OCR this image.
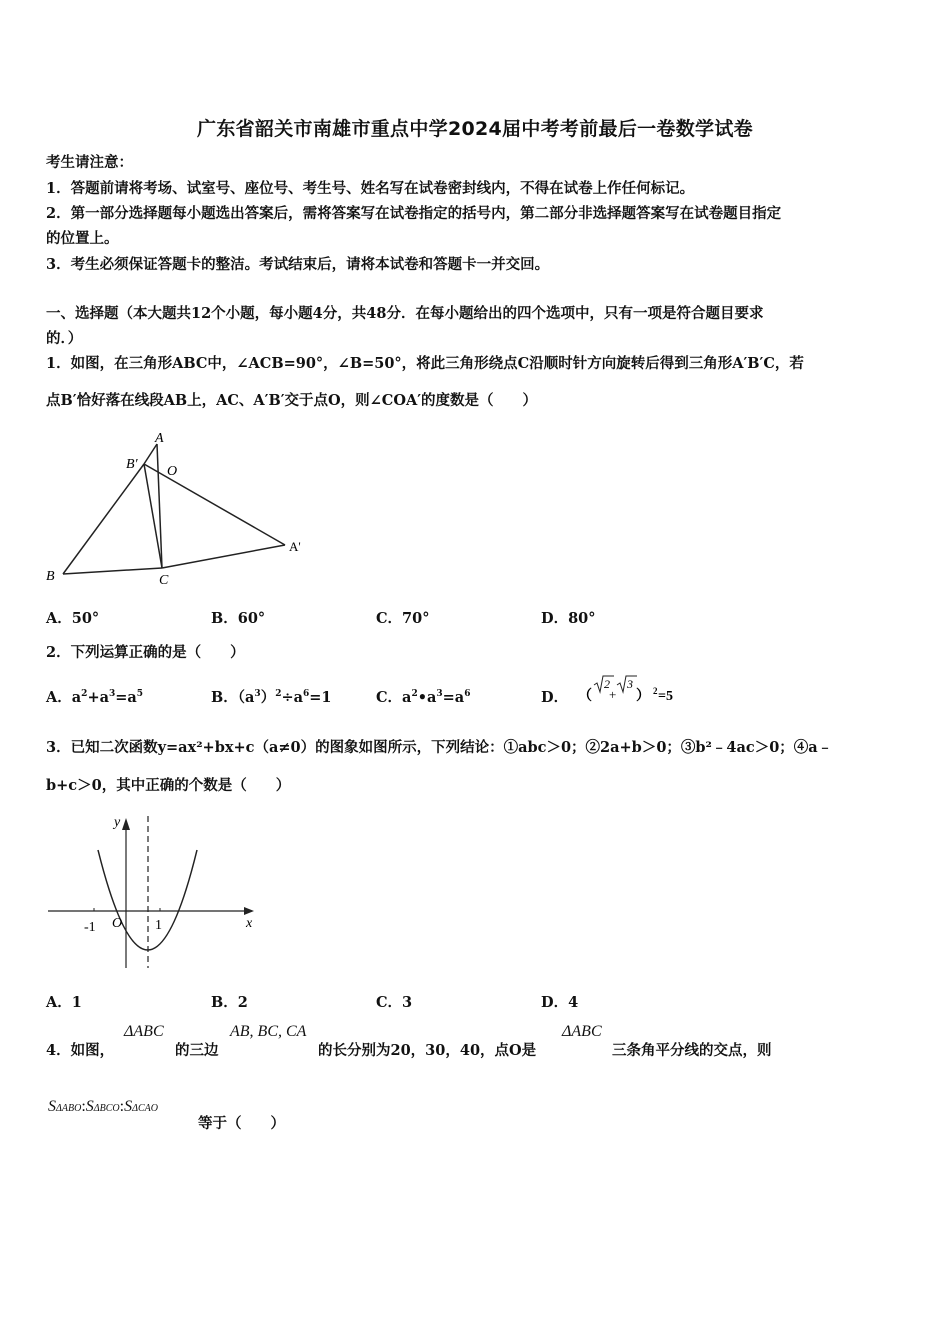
广东省韶关市南雄市重点中学2024届中考考前最后一卷数学试卷
考生请注意：
1．答题前请将考场、试室号、座位号、考生号、姓名写在试卷密封线内，不得在试卷上作任何标记。
2．第一部分选择题每小题选出答案后，需将答案写在试卷指定的括号内，第二部分非选择题答案写在试卷题目指定
的位置上。
3．考生必须保证答题卡的整洁。考试结束后，请将本试卷和答题卡一并交回。
一、选择题（本大题共12个小题，每小题4分，共48分．在每小题给出的四个选项中，只有一项是符合题目要求
的．）
1．如图，在三角形ABC中，∠ACB=90°，∠B=50°，将此三角形绕点C沿顺时针方向旋转后得到三角形A′B′C，若
点B′恰好落在线段AB上，AC、A′B′交于点O，则∠COA′的度数是（　　）
A
B′ O
A'
B	C
A．50°	B．60°	C．70°	D．80°
2．下列运算正确的是（　　）
A．$a^2+a^3=a^5$	B．$(a^3)^2\div a^6=1$	C．$a^2•a^3=a^6$	D． （
2
+
3
） 2 =5
3．已知二次函数y=ax²+bx+c（a≠0）的图象如图所示，下列结论：①abc＞0；②2a+b＞0；③b²﹣4ac＞0；④a﹣
b+c＞0，其中正确的个数是（　　）
y
x
O
-1	1
A．1	B．2	C．3	D．4
4．如图，
ΔABC
的三边
AB, BC, CA
的长分别为20，30，40，点O是
ΔABC
三条角平分线的交点，则
SΔABO:SΔBCO:SΔCAO
等于（　　）
